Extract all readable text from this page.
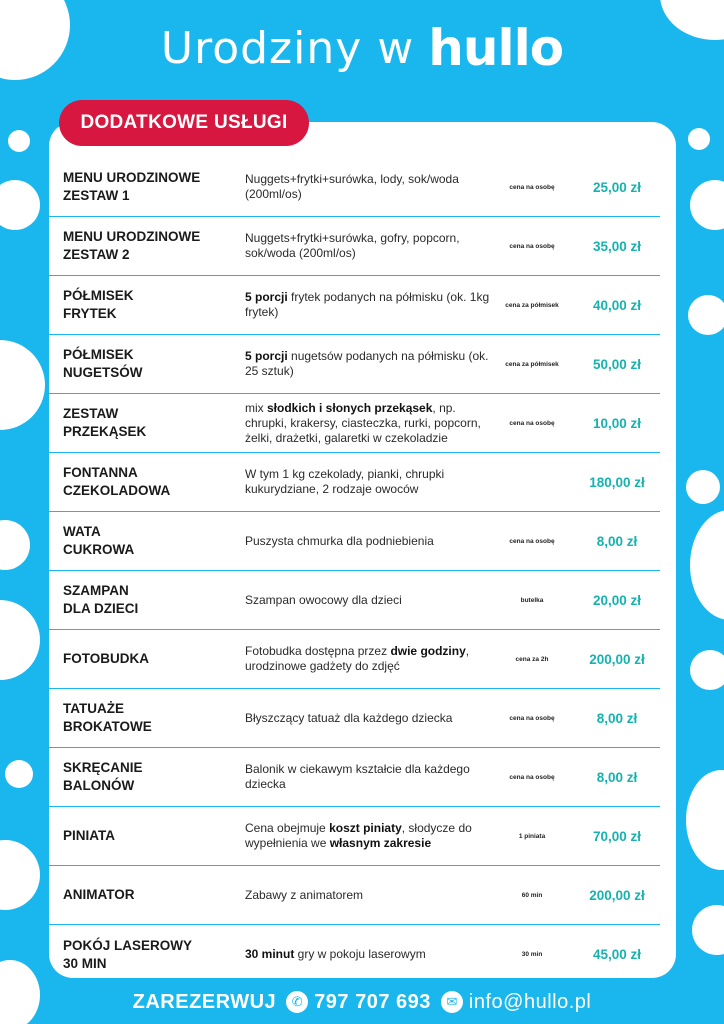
Urodziny w hullo
DODATKOWE USŁUGI
MENU URODZINOWE
ZESTAW 1
Nuggets+frytki+surówka, lody, sok/woda (200ml/os)	cena na osobę	25,00 zł
MENU URODZINOWE
ZESTAW 2
Nuggets+frytki+surówka, gofry, popcorn, sok/woda (200ml/os)	cena na osobę	35,00 zł
PÓŁMISEK
FRYTEK
5 porcji frytek podanych na półmisku (ok. 1kg frytek)	cena za półmisek	40,00 zł
PÓŁMISEK
NUGETSÓW
5 porcji nugetsów podanych na półmisku (ok. 25 sztuk)	cena za półmisek	50,00 zł
ZESTAW
PRZEKĄSEK
mix słodkich i słonych przekąsek, np. chrupki, krakersy, ciasteczka, rurki, popcorn, żelki, drażetki, galaretki w czekoladzie
cena na osobę	10,00 zł
FONTANNA
CZEKOLADOWA
W tym 1 kg czekolady, pianki, chrupki kukurydziane, 2 rodzaje owoców	180,00 zł
WATA
CUKROWA
Puszysta chmurka dla podniebienia	cena na osobę	8,00 zł
SZAMPAN
DLA DZIECI
Szampan owocowy dla dzieci	butelka	20,00 zł
FOTOBUDKA	Fotobudka dostępna przez dwie godziny, urodzinowe gadżety do zdjęć	cena za 2h	200,00 zł
TATUAŻE
BROKATOWE
Błyszczący tatuaż dla każdego dziecka	cena na osobę	8,00 zł
SKRĘCANIE
BALONÓW
Balonik w ciekawym kształcie dla każdego dziecka	cena na osobę	8,00 zł
PINIATA	Cena obejmuje koszt piniaty, słodycze do wypełnienia we własnym zakresie	1 piniata	70,00 zł
ANIMATOR	Zabawy z animatorem	60 min	200,00 zł
POKÓJ LASEROWY
30 MIN
30 minut gry w pokoju laserowym	30 min	45,00 zł
ZAREZERWUJ	✆ 797 707 693	✉ info@hullo.pl
